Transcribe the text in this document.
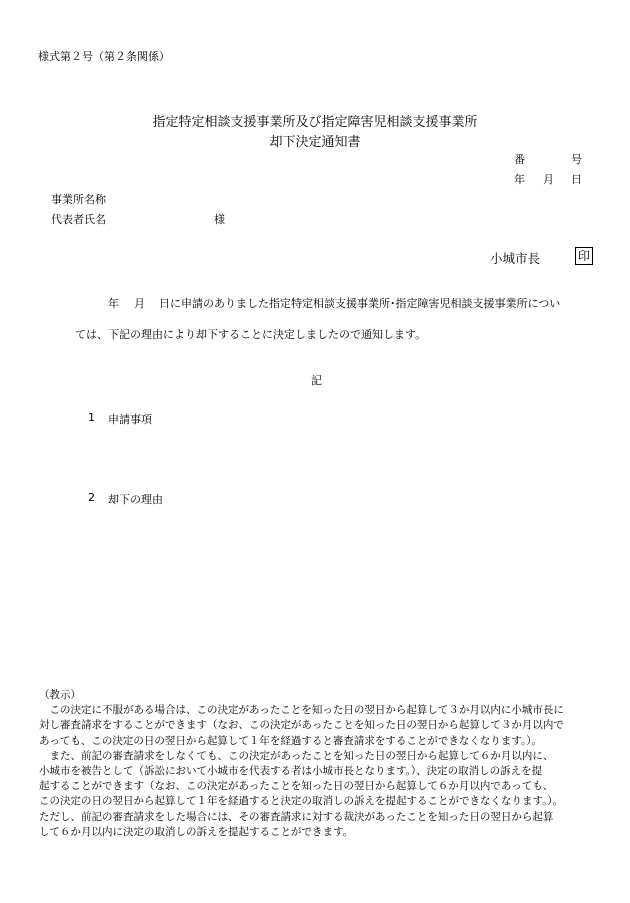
様式第２号（第２条関係）
指定特定相談支援事業所及び指定障害児相談支援事業所
却下決定通知書
番	号
年 月 日
事業所名称
代表者氏名	様
小城市長	印
年 月 日に申請のありました指定特定相談支援事業所･指定障害児相談支援事業所につい
ては、下記の理由により却下することに決定しましたので通知します。
記
1 申請事項
2 却下の理由

（教示）

　この決定に不服がある場合は、この決定があったことを知った日の翌日から起算して３か月以内に小城市長に

対し審査請求をすることができます（なお、この決定があったことを知った日の翌日から起算して３か月以内で

あっても、この決定の日の翌日から起算して１年を経過すると審査請求をすることができなくなります。）。

　また、前記の審査請求をしなくても、この決定があったことを知った日の翌日から起算して６か月以内に、

小城市を被告として（訴訟において小城市を代表する者は小城市長となります。）、決定の取消しの訴えを提

起することができます（なお、この決定があったことを知った日の翌日から起算して６か月以内であっても、

この決定の日の翌日から起算して１年を経過すると決定の取消しの訴えを提起することができなくなります。）。

ただし、前記の審査請求をした場合には、その審査請求に対する裁決があったことを知った日の翌日から起算

して６か月以内に決定の取消しの訴えを提起することができます。
